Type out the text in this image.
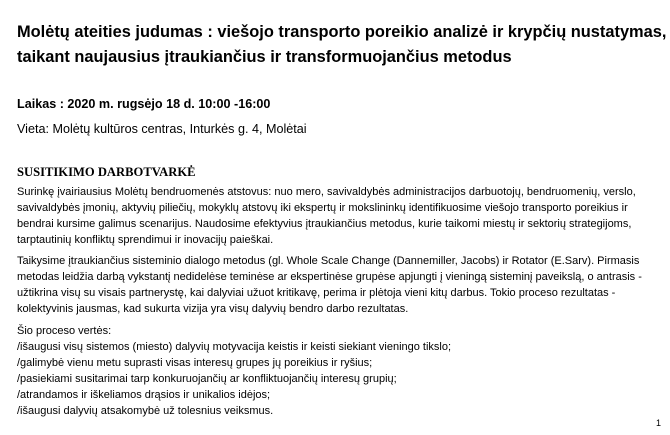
Molėtų ateities judumas : viešojo transporto poreikio analizė ir krypčių nustatymas,
taikant naujausius įtraukiančius ir transformuojančius metodus
Laikas : 2020 m. rugsėjo 18 d. 10:00 -16:00
Vieta: Molėtų kultūros centras, Inturkės g. 4, Molėtai
SUSITIKIMO DARBOTVARKĖ
Surinkę įvairiausius Molėtų bendruomenės atstovus: nuo mero, savivaldybės administracijos darbuotojų, bendruomenių, verslo,
savivaldybės įmonių, aktyvių piliečių, mokyklų atstovų iki ekspertų ir mokslininkų identifikuosime viešojo transporto poreikius ir
bendrai kursime galimus scenarijus. Naudosime efektyvius įtraukiančius metodus, kurie taikomi miestų ir sektorių strategijoms,
tarptautinių konfliktų sprendimui ir inovacijų paieškai.
Taikysime įtraukiančius sisteminio dialogo metodus (gl. Whole Scale Change (Dannemiller, Jacobs) ir Rotator (E.Sarv). Pirmasis
metodas leidžia darbą vykstantį nedidelėse teminėse ar ekspertinėse grupėse apjungti į vieningą sisteminį paveikslą, o antrasis -
užtikrina visų su visais partnerystę, kai dalyviai užuot kritikavę, perima ir plėtoja vieni kitų darbus. Tokio proceso rezultatas -
kolektyvinis jausmas, kad sukurta vizija yra visų dalyvių bendro darbo rezultatas.
Šio proceso vertės:
/išaugusi visų sistemos (miesto) dalyvių motyvacija keistis ir keisti siekiant vieningo tikslo;
/galimybė vienu metu suprasti visas interesų grupes jų poreikius ir ryšius;
/pasiekiami susitarimai tarp konkuruojančių ar konfliktuojančių interesų grupių;
/atrandamos ir iškeliamos drąsios ir unikalios idėjos;
/išaugusi dalyvių atsakomybė už tolesnius veiksmus.
1
